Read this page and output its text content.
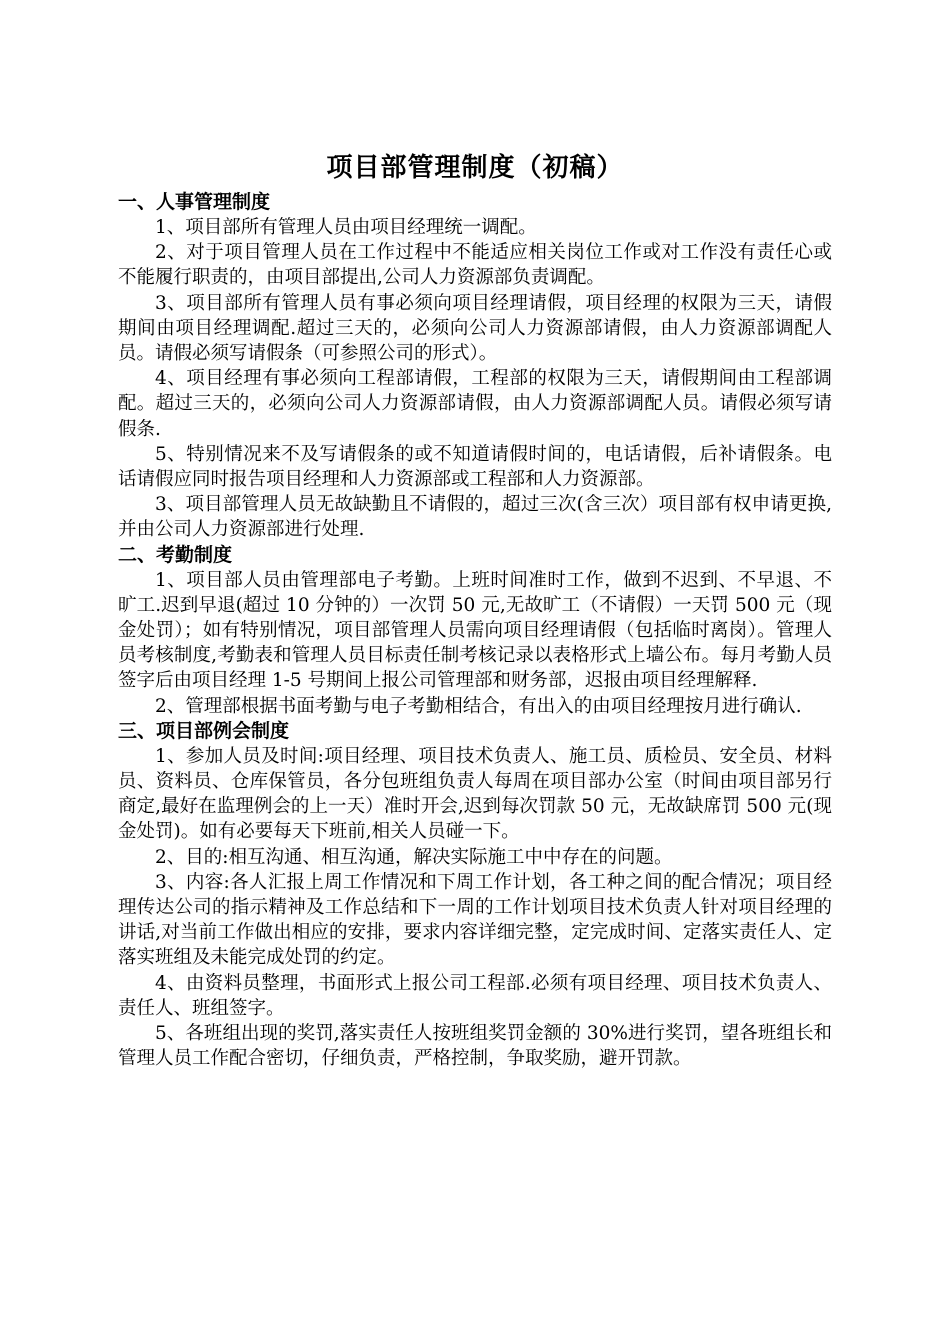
项目部管理制度（初稿）
一、人事管理制度

1、项目部所有管理人员由项目经理统一调配。

2、对于项目管理人员在工作过程中不能适应相关岗位工作或对工作没有责任心或不能履行职责的，由项目部提出,公司人力资源部负责调配。

3、项目部所有管理人员有事必须向项目经理请假，项目经理的权限为三天，请假期间由项目经理调配.超过三天的，必须向公司人力资源部请假，由人力资源部调配人员。请假必须写请假条（可参照公司的形式）。

4、项目经理有事必须向工程部请假，工程部的权限为三天，请假期间由工程部调配。超过三天的，必须向公司人力资源部请假，由人力资源部调配人员。请假必须写请假条.

5、特别情况来不及写请假条的或不知道请假时间的，电话请假，后补请假条。电话请假应同时报告项目经理和人力资源部或工程部和人力资源部。

3、项目部管理人员无故缺勤且不请假的，超过三次(含三次）项目部有权申请更换,并由公司人力资源部进行处理.

二、考勤制度

1、项目部人员由管理部电子考勤。上班时间准时工作，做到不迟到、不早退、不旷工.迟到早退(超过 10 分钟的）一次罚 50 元,无故旷工（不请假）一天罚 500 元（现金处罚）；如有特别情况，项目部管理人员需向项目经理请假（包括临时离岗）。管理人员考核制度,考勤表和管理人员目标责任制考核记录以表格形式上墙公布。每月考勤人员签字后由项目经理 1-5 号期间上报公司管理部和财务部，迟报由项目经理解释.

2、管理部根据书面考勤与电子考勤相结合，有出入的由项目经理按月进行确认.

三、项目部例会制度

1、参加人员及时间:项目经理、项目技术负责人、施工员、质检员、安全员、材料员、资料员、仓库保管员，各分包班组负责人每周在项目部办公室（时间由项目部另行商定,最好在监理例会的上一天）准时开会,迟到每次罚款 50 元，无故缺席罚 500 元(现金处罚)。如有必要每天下班前,相关人员碰一下。

2、目的:相互沟通、相互沟通，解决实际施工中中存在的问题。

3、内容:各人汇报上周工作情况和下周工作计划，各工种之间的配合情况；项目经理传达公司的指示精神及工作总结和下一周的工作计划项目技术负责人针对项目经理的讲话,对当前工作做出相应的安排，要求内容详细完整，定完成时间、定落实责任人、定落实班组及未能完成处罚的约定。

4、由资料员整理，书面形式上报公司工程部.必须有项目经理、项目技术负责人、责任人、班组签字。

5、各班组出现的奖罚,落实责任人按班组奖罚金额的 30%进行奖罚，望各班组长和管理人员工作配合密切，仔细负责，严格控制，争取奖励，避开罚款。
